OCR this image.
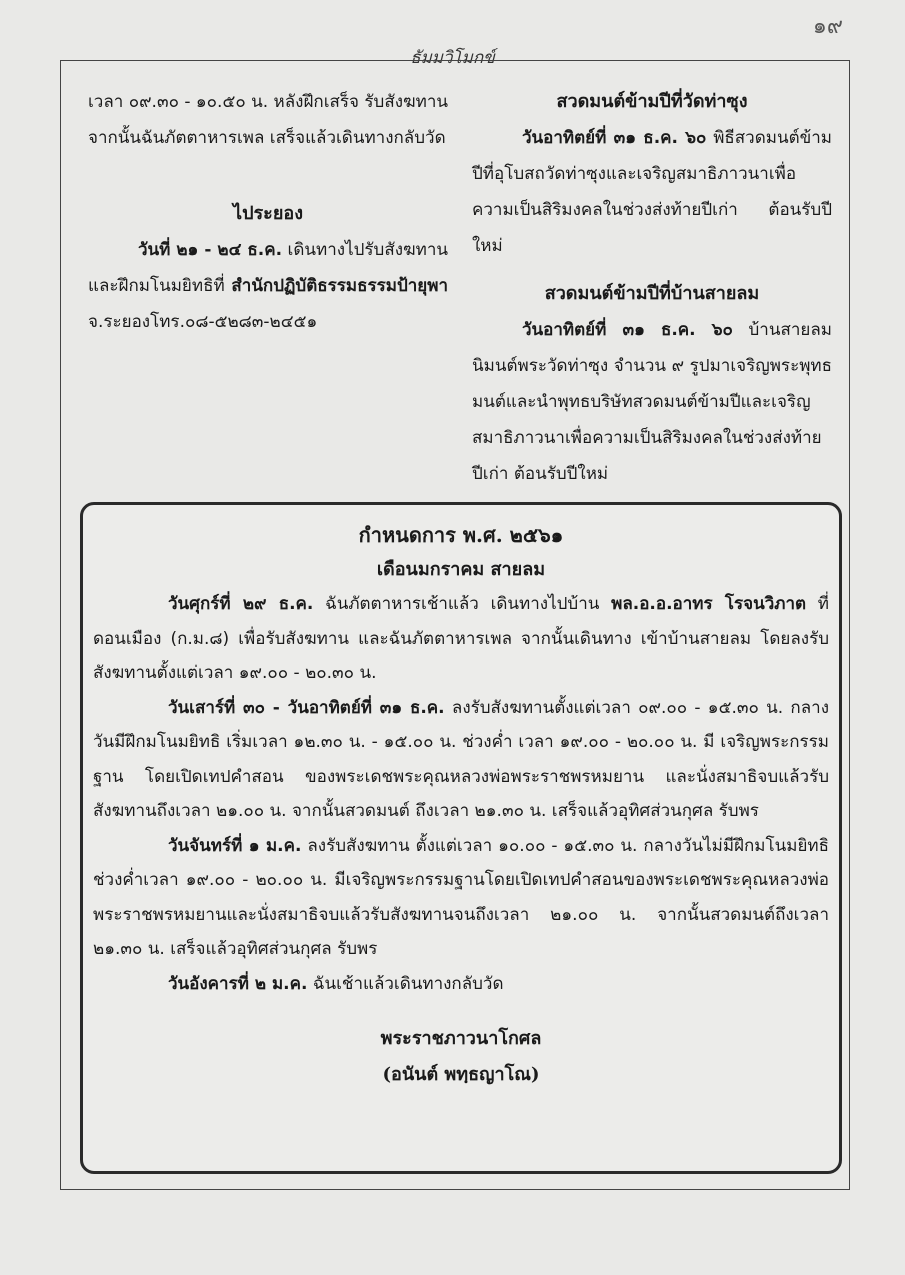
๑๙
ธัมมวิโมกข์

เวลา ๐๙.๓๐ - ๑๐.๕๐ น. หลังฝึกเสร็จ รับสังฆทาน จากนั้นฉันภัตตาหารเพล เสร็จแล้วเดินทางกลับวัด

ไประยอง

วันที่ ๒๑ - ๒๔ ธ.ค. เดินทางไปรับสังฆทานและฝึกมโนมยิทธิที่ สำนักปฏิบัติธรรมธรรมป้ายุพา จ.ระยองโทร.๐๘-๕๒๘๓-๒๔๕๑

สวดมนต์ข้ามปีที่วัดท่าซุง

วันอาทิตย์ที่ ๓๑ ธ.ค. ๖๐ พิธีสวดมนต์ข้ามปีที่อุโบสถวัดท่าซุงและเจริญสมาธิภาวนาเพื่อความเป็นสิริมงคลในช่วงส่งท้ายปีเก่า ต้อนรับปีใหม่

สวดมนต์ข้ามปีที่บ้านสายลม

วันอาทิตย์ที่ ๓๑ ธ.ค. ๖๐ บ้านสายลมนิมนต์พระวัดท่าซุง จำนวน ๙ รูปมาเจริญพระพุทธมนต์และนำพุทธบริษัทสวดมนต์ข้ามปีและเจริญสมาธิภาวนาเพื่อความเป็นสิริมงคลในช่วงส่งท้ายปีเก่า ต้อนรับปีใหม่

กำหนดการ พ.ศ. ๒๕๖๑

เดือนมกราคม สายลม

วันศุกร์ที่ ๒๙ ธ.ค. ฉันภัตตาหารเช้าแล้ว เดินทางไปบ้าน พล.อ.อ.อาทร โรจนวิภาต ที่ดอนเมือง (ก.ม.๘) เพื่อรับสังฆทาน และฉันภัตตาหารเพล จากนั้นเดินทาง เข้าบ้านสายลม โดยลงรับสังฆทานตั้งแต่เวลา ๑๙.๐๐ - ๒๐.๓๐ น.

วันเสาร์ที่ ๓๐ - วันอาทิตย์ที่ ๓๑ ธ.ค. ลงรับสังฆทานตั้งแต่เวลา ๐๙.๐๐ - ๑๕.๓๐ น. กลางวันมีฝึกมโนมยิทธิ เริ่มเวลา ๑๒.๓๐ น. - ๑๕.๐๐ น. ช่วงค่ำ เวลา ๑๙.๐๐ - ๒๐.๐๐ น. มี เจริญพระกรรมฐาน โดยเปิดเทปคำสอน ของพระเดชพระคุณหลวงพ่อพระราชพรหมยาน และนั่งสมาธิจบแล้วรับสังฆทานถึงเวลา ๒๑.๐๐ น. จากนั้นสวดมนต์ ถึงเวลา ๒๑.๓๐ น. เสร็จแล้วอุทิศส่วนกุศล รับพร

วันจันทร์ที่ ๑ ม.ค. ลงรับสังฆทาน ตั้งแต่เวลา ๑๐.๐๐ - ๑๕.๓๐ น. กลางวันไม่มีฝึกมโนมยิทธิ ช่วงค่ำเวลา ๑๙.๐๐ - ๒๐.๐๐ น. มีเจริญพระกรรมฐานโดยเปิดเทปคำสอนของพระเดชพระคุณหลวงพ่อพระราชพรหมยานและนั่งสมาธิจบแล้วรับสังฆทานจนถึงเวลา ๒๑.๐๐ น. จากนั้นสวดมนต์ถึงเวลา ๒๑.๓๐ น. เสร็จแล้วอุทิศส่วนกุศล รับพร

วันอังคารที่ ๒ ม.ค. ฉันเช้าแล้วเดินทางกลับวัด

พระราชภาวนาโกศล

(อนันต์ พทฺธญาโณ)
